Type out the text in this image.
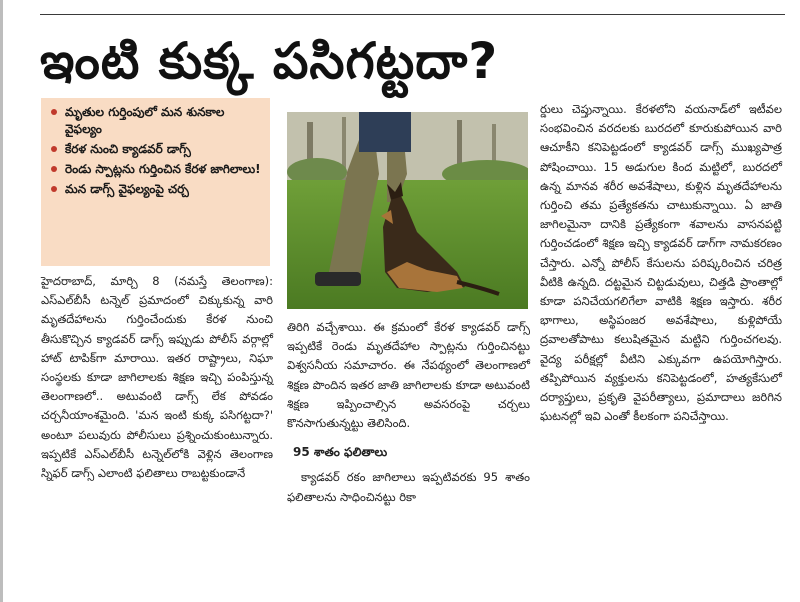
ఇంటి కుక్క పసిగట్టదా?
మృతుల గుర్తింపులో మన శునకాల వైఫల్యం
కేరళ నుంచి క్యాడవర్ డాగ్స్
రెండు స్పాట్లను గుర్తించిన కేరళ జాగిలాలు!
మన డాగ్స్ వైఫల్యంపై చర్చ

హైదరాబాద్, మార్చి 8 (నమస్తే తెలంగాణ): ఎస్ఎల్‌బీసీ టన్నెల్ ప్రమాదంలో చిక్కుకున్న వారి మృతదేహాలను గుర్తించేందుకు కేరళ నుంచి తీసుకొచ్చిన క్యాడవర్ డాగ్స్ ఇప్పుడు పోలీస్ వర్గాల్లో హాట్ టాపిక్‌గా మారాయి. ఇతర రాష్ట్రాలు, నిఘా సంస్థలకు కూడా జాగిలాలకు శిక్షణ ఇచ్చి పంపిస్తున్న తెలంగాణలో.. అటువంటి డాగ్స్ లేక పోవడం చర్చనీయాంశమైంది. 'మన ఇంటి కుక్క పసిగట్టదా?' అంటూ పలువురు పోలీసులు ప్రశ్నించుకుంటున్నారు. ఇప్పటికే ఎస్ఎల్‌బీసీ టన్నెల్‌లోకి వెళ్లిన తెలంగాణ స్నిఫర్ డాగ్స్ ఎలాంటి ఫలితాలు రాబట్టకుండానే

తిరిగి వచ్చేశాయి. ఈ క్రమంలో కేరళ క్యాడవర్ డాగ్స్ ఇప్పటికే రెండు మృతదేహాల స్పాట్లను గుర్తించినట్టు విశ్వసనీయ సమాచారం. ఈ నేపథ్యంలో తెలంగాణలో శిక్షణ పొందిన ఇతర జాతి జాగిలాలకు కూడా అటువంటి శిక్షణ ఇప్పించాల్సిన అవసరంపై చర్చలు కొనసాగుతున్నట్టు తెలిసింది.

95 శాతం ఫలితాలు

క్యాడవర్ రకం జాగిలాలు ఇప్పటివరకు 95 శాతం ఫలితాలను సాధించినట్టు రికా

ర్డులు చెప్తున్నాయి. కేరళలోని వయనాడ్‌లో ఇటీవల సంభవించిన వరదలకు బురదలో కూరుకుపోయిన వారి ఆచూకీని కనిపెట్టడంలో క్యాడవర్ డాగ్స్ ముఖ్యపాత్ర పోషించాయి. 15 అడుగుల కింద మట్టిలో, బురదలో ఉన్న మానవ శరీర అవశేషాలు, కుళ్లిన మృతదేహాలను గుర్తించి తమ ప్రత్యేకతను చాటుకున్నాయి. ఏ జాతి జాగిలమైనా దానికి ప్రత్యేకంగా శవాలను వాసనపట్టి గుర్తించడంలో శిక్షణ ఇచ్చి క్యాడవర్ డాగ్‌గా నామకరణం చేస్తారు. ఎన్నో పోలీస్ కేసులను పరిష్కరించిన చరిత్ర వీటికి ఉన్నది. దట్టమైన చిట్టడువులు, చిత్తడి ప్రాంతాల్లో కూడా పనిచేయగలిగేలా వాటికి శిక్షణ ఇస్తారు. శరీర భాగాలు, అస్థిపంజర అవశేషాలు, కుళ్లిపోయే ద్రవాలతోపాటు కలుషితమైన మట్టిని గుర్తించగలవు. వైద్య పరీక్షల్లో వీటిని ఎక్కువగా ఉపయోగిస్తారు. తప్పిపోయిన వ్యక్తులను కనిపెట్టడంలో, హత్యకేసులో దర్యాప్తులు, ప్రకృతి వైపరీత్యాలు, ప్రమాదాలు జరిగిన ఘటనల్లో ఇవి ఎంతో కీలకంగా పనిచేస్తాయి.
